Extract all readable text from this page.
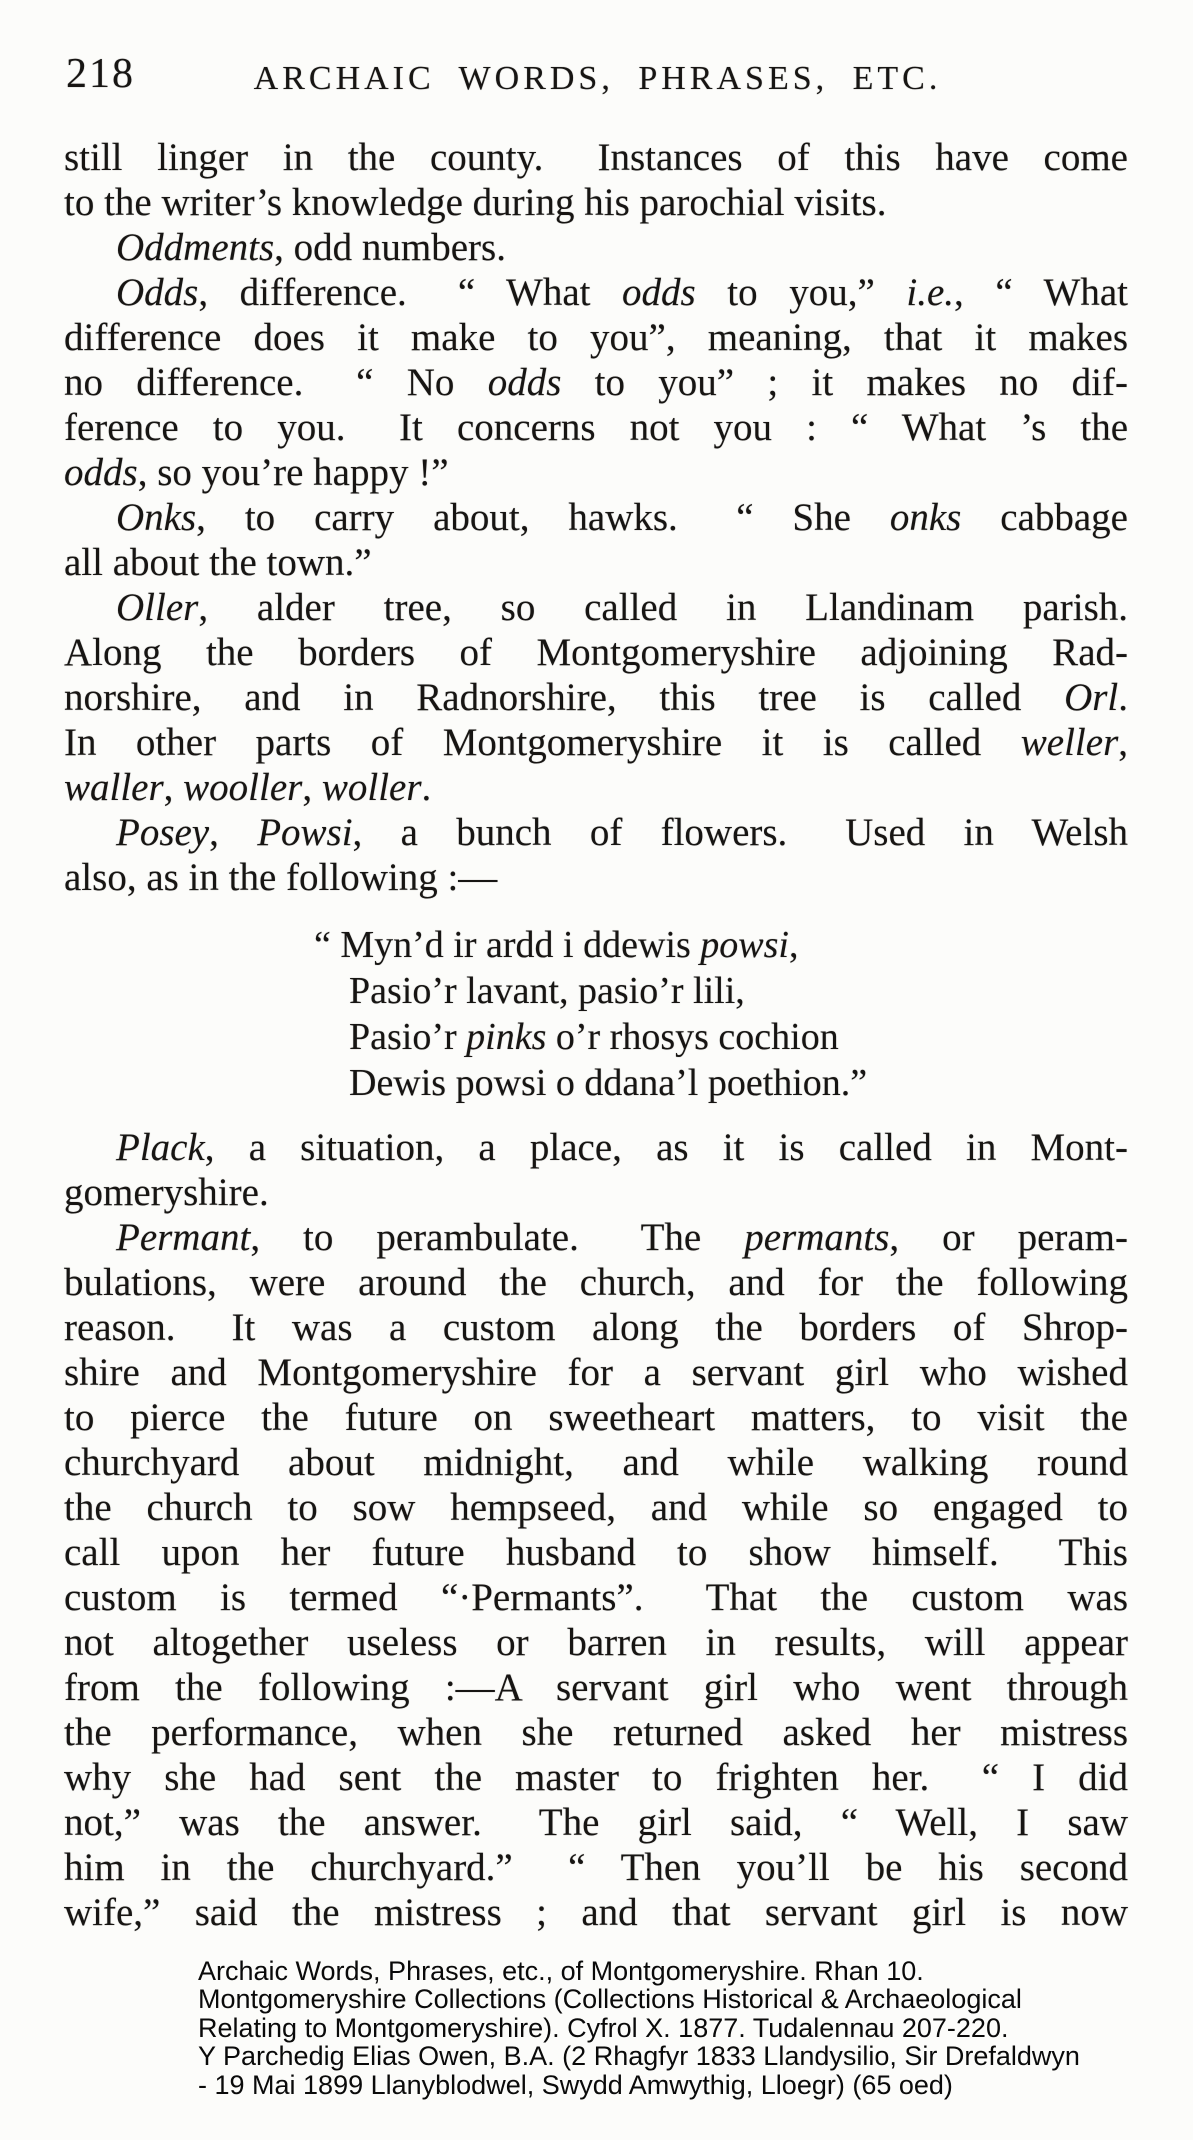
218	ARCHAIC WORDS, PHRASES, ETC.
still linger in the county.  Instances of this have come
to the writer’s knowledge during his parochial visits.
Oddments, odd numbers.
Odds, difference.  “ What odds to you,” i.e., “ What
difference does it make to you”, meaning, that it makes
no difference.  “ No odds to you” ; it makes no dif-
ference to you.  It concerns not you : “ What ’s the
odds, so you’re happy !”
Onks, to carry about, hawks.  “ She onks cabbage
all about the town.”
Oller, alder tree, so called in Llandinam parish.
Along the borders of Montgomeryshire adjoining Rad-
norshire, and in Radnorshire, this tree is called Orl.
In other parts of Montgomeryshire it is called weller,
waller, wooller, woller.
Posey, Powsi, a bunch of flowers.  Used in Welsh
also, as in the following :—
“ Myn’d ir ardd i ddewis powsi,
Pasio’r lavant, pasio’r lili,
Pasio’r pinks o’r rhosys cochion
Dewis powsi o ddana’l poethion.”
Plack, a situation, a place, as it is called in Mont-
gomeryshire.
Permant, to perambulate.  The permants, or peram-
bulations, were around the church, and for the following
reason.  It was a custom along the borders of Shrop-
shire and Montgomeryshire for a servant girl who wished
to pierce the future on sweetheart matters, to visit the
churchyard about midnight, and while walking round
the church to sow hempseed, and while so engaged to
call upon her future husband to show himself.  This
custom is termed “·Permants”.  That the custom was
not altogether useless or barren in results, will appear
from the following :—A servant girl who went through
the performance, when she returned asked her mistress
why she had sent the master to frighten her.  “ I did
not,” was the answer.  The girl said, “ Well, I saw
him in the churchyard.”  “ Then you’ll be his second
wife,” said the mistress ; and that servant girl is now
Archaic Words, Phrases, etc., of Montgomeryshire. Rhan 10.
Montgomeryshire Collections (Collections Historical & Archaeological
Relating to Montgomeryshire). Cyfrol X. 1877. Tudalennau 207-220.
Y Parchedig Elias Owen, B.A. (2 Rhagfyr 1833 Llandysilio, Sir Drefaldwyn
- 19 Mai 1899 Llanyblodwel, Swydd Amwythig, Lloegr) (65 oed)
